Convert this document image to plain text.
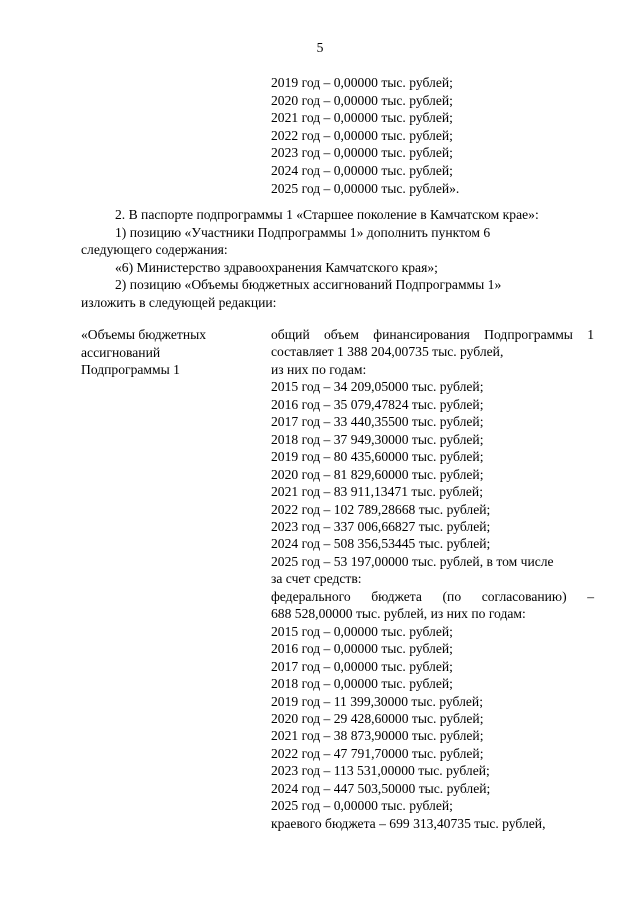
5
2019 год – 0,00000 тыс. рублей;
2020 год – 0,00000 тыс. рублей;
2021 год – 0,00000 тыс. рублей;
2022 год – 0,00000 тыс. рублей;
2023 год – 0,00000 тыс. рублей;
2024 год – 0,00000 тыс. рублей;
2025 год – 0,00000 тыс. рублей».
2. В паспорте подпрограммы 1 «Старшее поколение в Камчатском крае»:
1) позицию «Участники Подпрограммы 1» дополнить пунктом 6
следующего содержания:
«6) Министерство здравоохранения Камчатского края»;
2) позицию «Объемы бюджетных ассигнований Подпрограммы 1»
изложить в следующей редакции:
«Объемы бюджетных
ассигнований
Подпрограммы 1
общий объем финансирования Подпрограммы 1
составляет 1 388 204,00735 тыс. рублей,
из них по годам:
2015 год – 34 209,05000 тыс. рублей;
2016 год – 35 079,47824 тыс. рублей;
2017 год – 33 440,35500 тыс. рублей;
2018 год – 37 949,30000 тыс. рублей;
2019 год – 80 435,60000 тыс. рублей;
2020 год – 81 829,60000 тыс. рублей;
2021 год – 83 911,13471 тыс. рублей;
2022 год – 102 789,28668 тыс. рублей;
2023 год – 337 006,66827 тыс. рублей;
2024 год – 508 356,53445 тыс. рублей;
2025 год – 53 197,00000 тыс. рублей, в том числе
за счет средств:
федерального бюджета (по согласованию) –
688 528,00000 тыс. рублей, из них по годам:
2015 год – 0,00000 тыс. рублей;
2016 год – 0,00000 тыс. рублей;
2017 год – 0,00000 тыс. рублей;
2018 год – 0,00000 тыс. рублей;
2019 год – 11 399,30000 тыс. рублей;
2020 год – 29 428,60000 тыс. рублей;
2021 год – 38 873,90000 тыс. рублей;
2022 год – 47 791,70000 тыс. рублей;
2023 год – 113 531,00000 тыс. рублей;
2024 год – 447 503,50000 тыс. рублей;
2025 год – 0,00000 тыс. рублей;
краевого бюджета – 699 313,40735 тыс. рублей,
